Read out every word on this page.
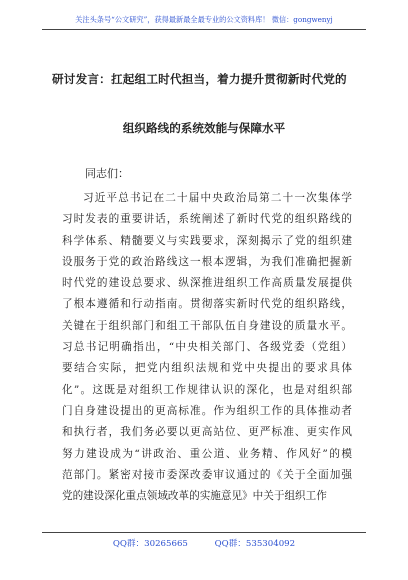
关注头条号“公文研究”，获得最新最全最专业的公文资料库！ 微信：gongwenyj
研讨发言：扛起组工时代担当，着力提升贯彻新时代党的
组织路线的系统效能与保障水平
同志们：
习近平总书记在二十届中央政治局第二十一次集体学
习时发表的重要讲话，系统阐述了新时代党的组织路线的
科学体系、精髓要义与实践要求，深刻揭示了党的组织建
设服务于党的政治路线这一根本逻辑，为我们准确把握新
时代党的建设总要求、纵深推进组织工作高质量发展提供
了根本遵循和行动指南。贯彻落实新时代党的组织路线，
关键在于组织部门和组工干部队伍自身建设的质量水平。
习总书记明确指出，“中央相关部门、各级党委（党组）
要结合实际，把党内组织法规和党中央提出的要求具体
化”。这既是对组织工作规律认识的深化，也是对组织部
门自身建设提出的更高标准。作为组织工作的具体推动者
和执行者，我们务必要以更高站位、更严标准、更实作风
努力建设成为“讲政治、重公道、业务精、作风好”的模
范部门。紧密对接市委深改委审议通过的《关于全面加强
党的建设深化重点领域改革的实施意见》中关于组织工作
QQ群：30265665	QQ群：535304092
